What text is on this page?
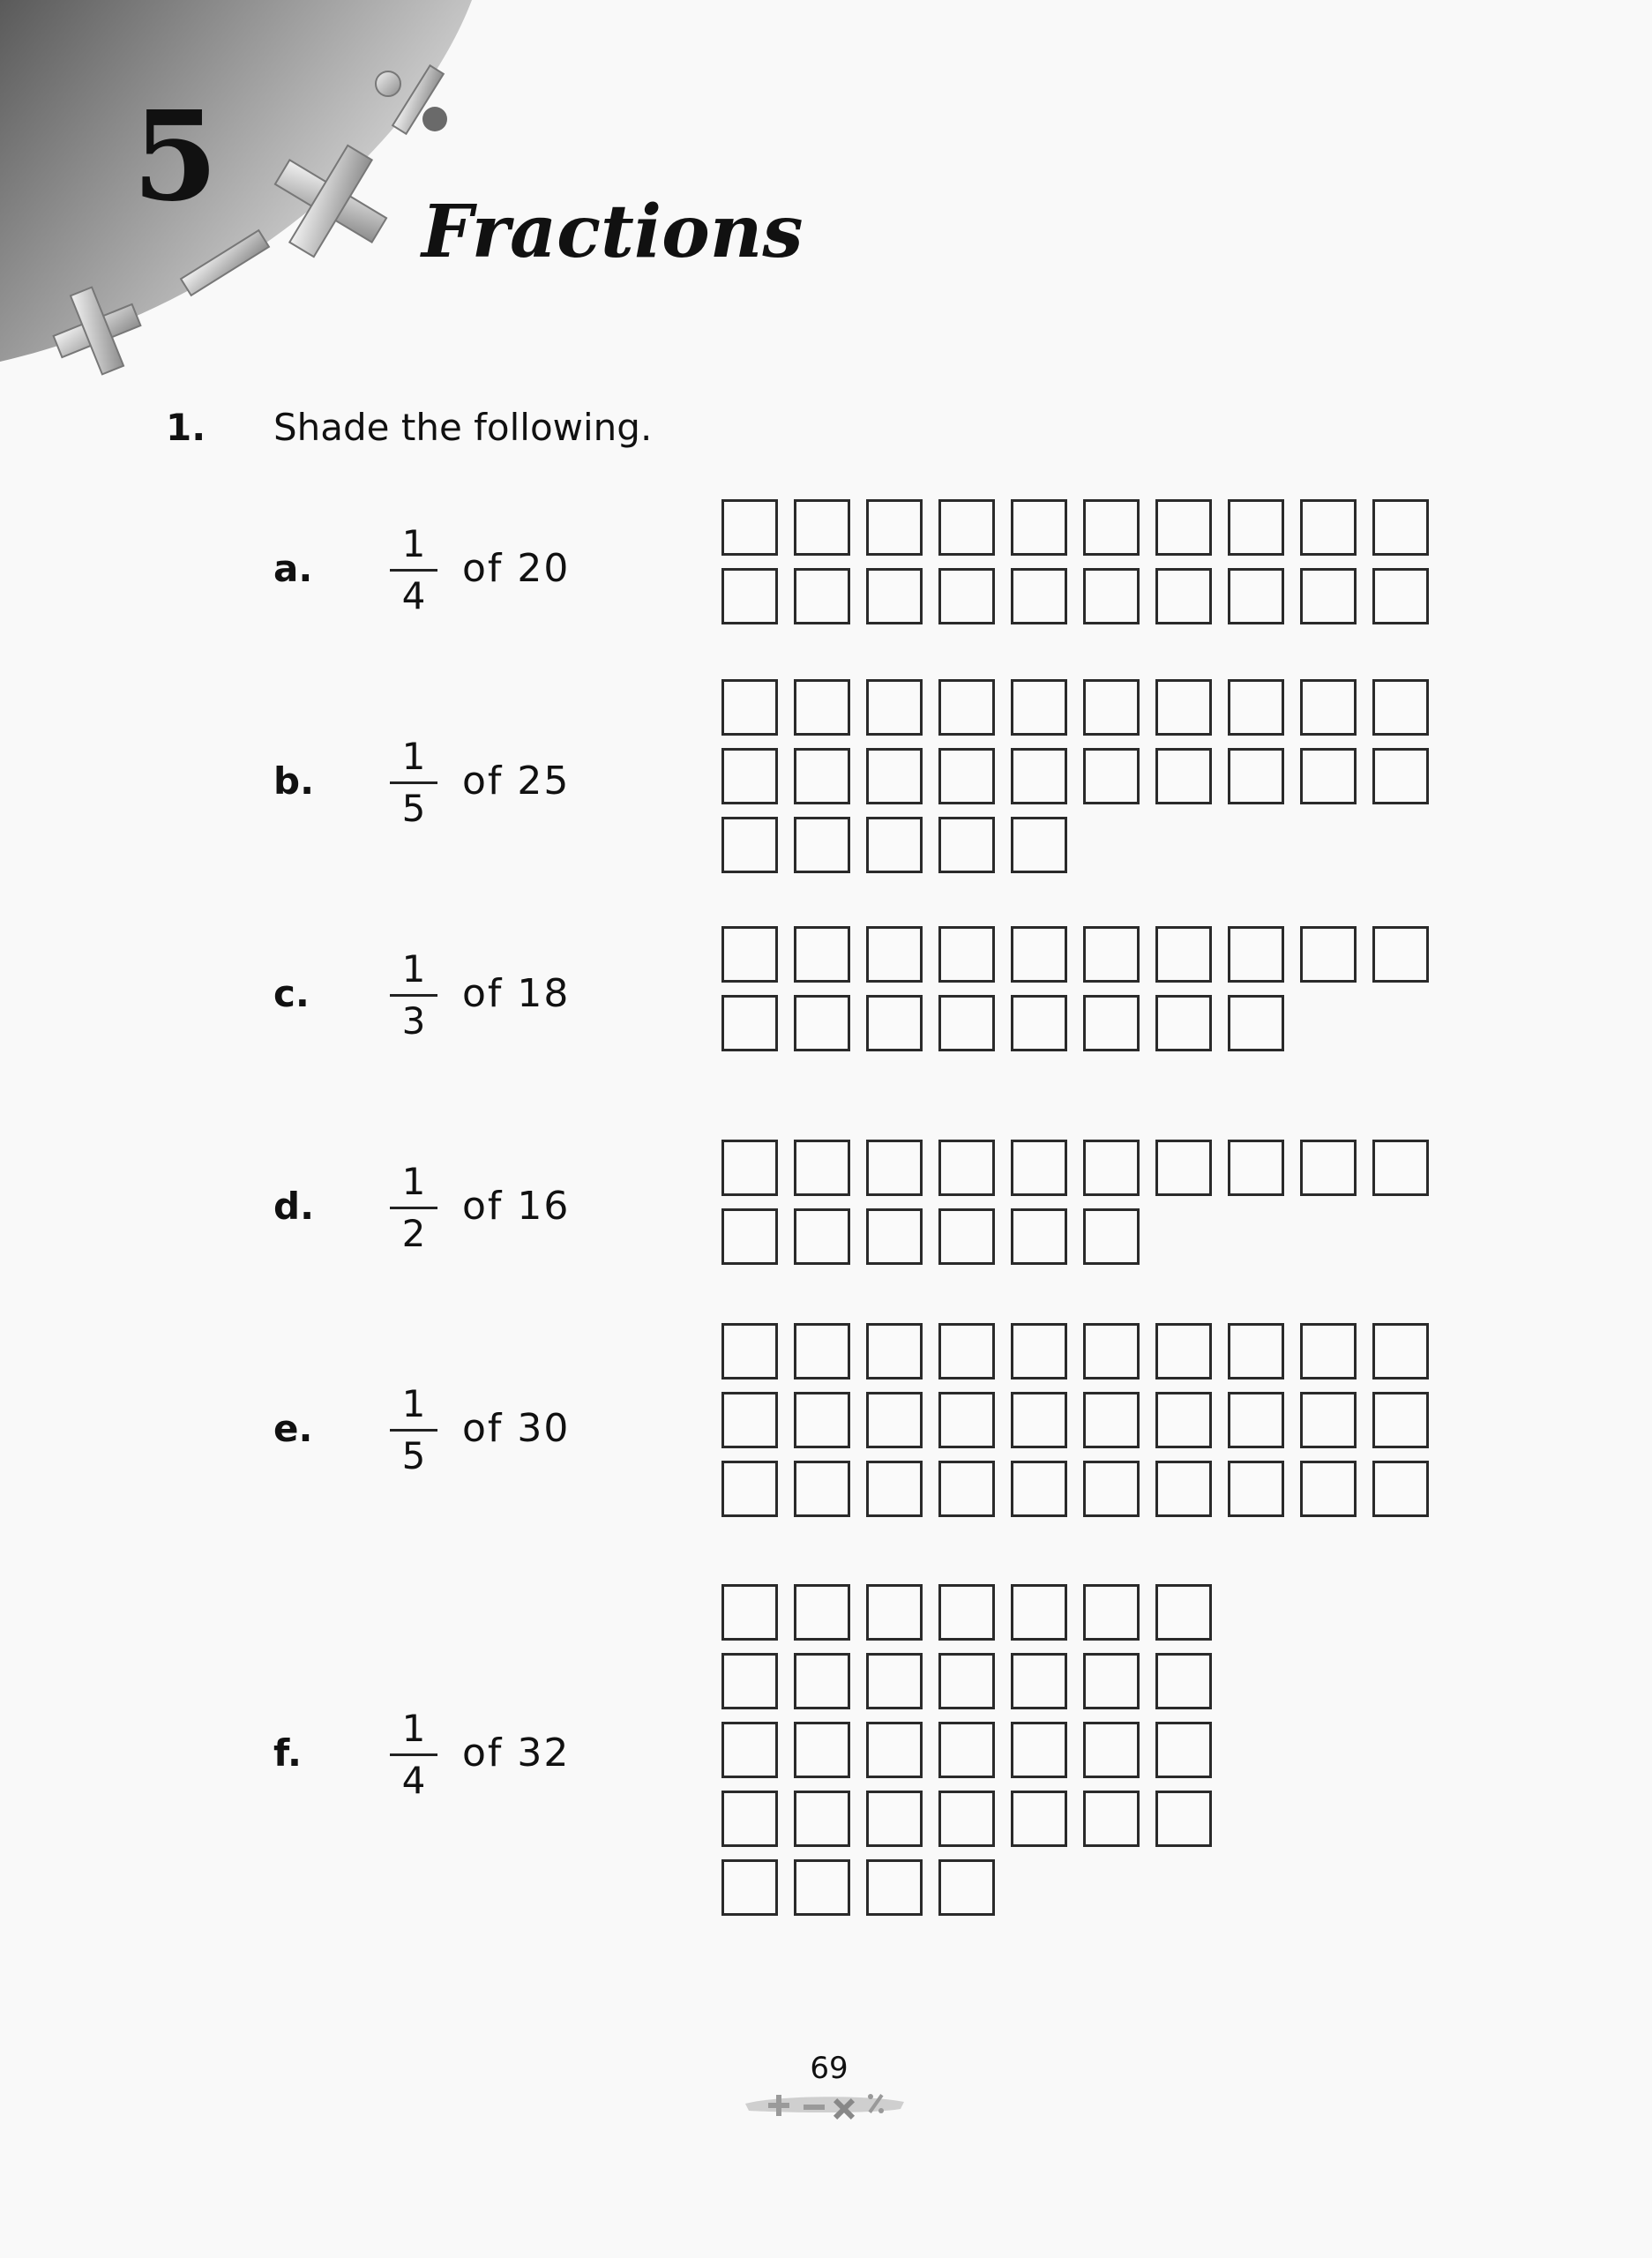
5
Fractions
1. Shade the following.
a.
1
4
of 20
b.
1
5
of 25
c.
1
3
of 18
d.
1
2
of 16
e.
1
5
of 30
f.
1
4
of 32
69
